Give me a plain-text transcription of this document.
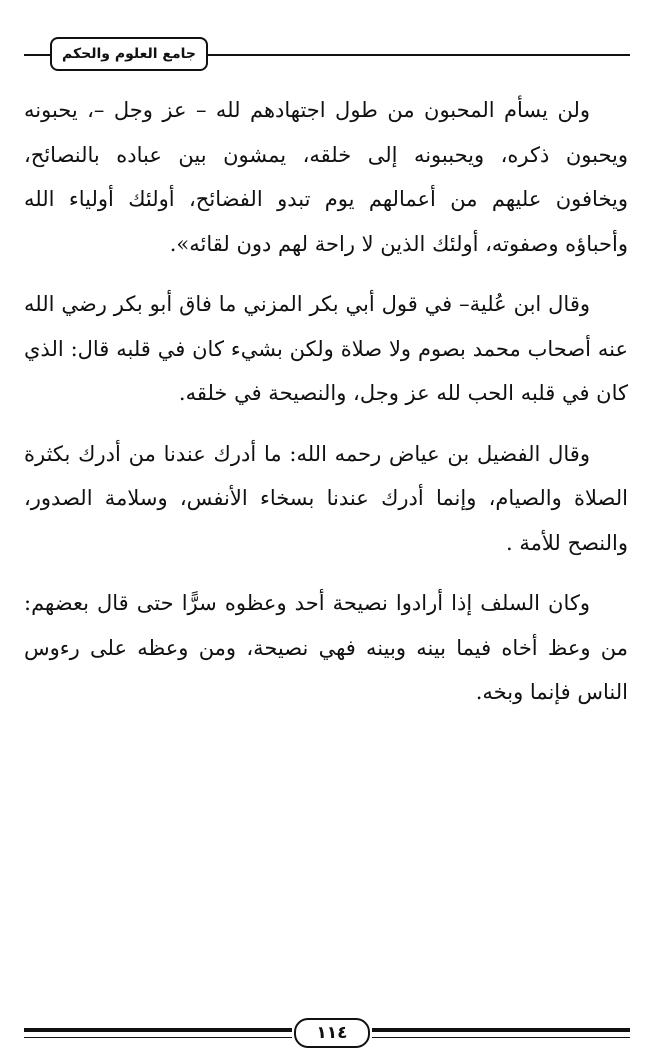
جامع العلوم والحكم

ولن يسأم المحبون من طول اجتهادهم لله – عز وجل –، يحبونه ويحبون ذكره، ويحببونه إلى خلقه، يمشون بين عباده بالنصائح، ويخافون عليهم من أعمالهم يوم تبدو الفضائح، أولئك أولياء الله وأحباؤه وصفوته، أولئك الذين لا راحة لهم دون لقائه».

وقال ابن عُلية– في قول أبي بكر المزني ما فاق أبو بكر رضي الله عنه أصحاب محمد بصوم ولا صلاة ولكن بشيء كان في قلبه قال: الذي كان في قلبه الحب لله عز وجل، والنصيحة في خلقه.

وقال الفضيل بن عياض رحمه الله: ما أدرك عندنا من أدرك بكثرة الصلاة والصيام، وإنما أدرك عندنا بسخاء الأنفس، وسلامة الصدور، والنصح للأمة .

وكان السلف إذا أرادوا نصيحة أحد وعظوه سرًّا حتى قال بعضهم: من وعظ أخاه فيما بينه وبينه فهي نصيحة، ومن وعظه على رءوس الناس فإنما وبخه.

١١٤
